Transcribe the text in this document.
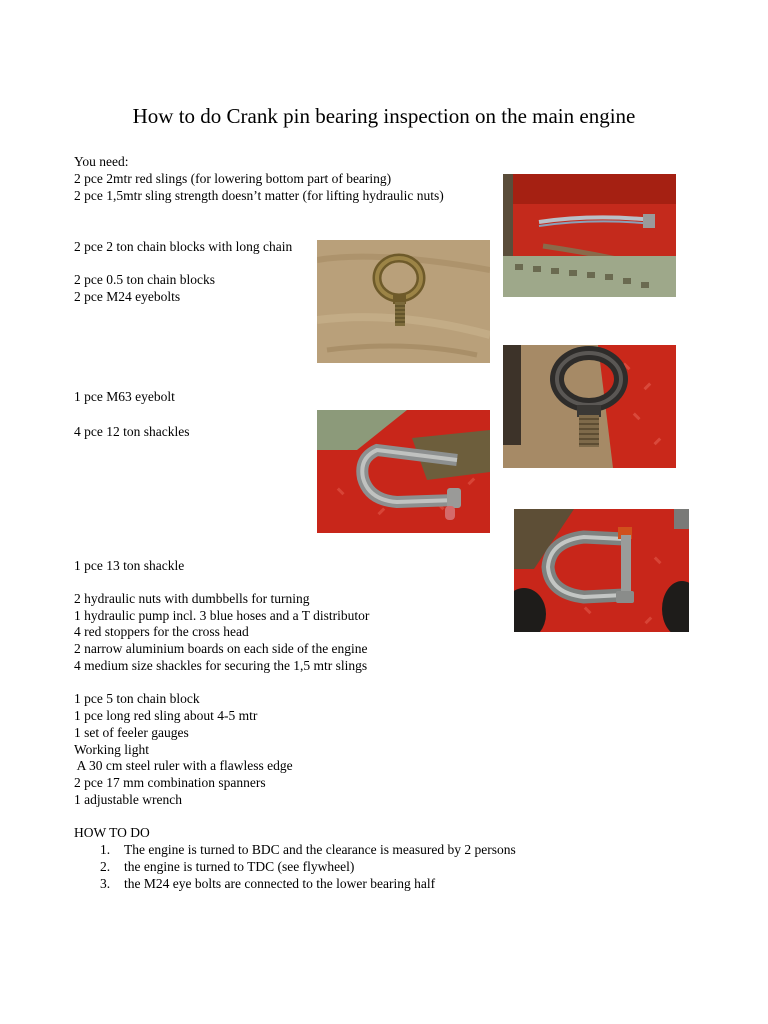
How to do Crank pin bearing inspection on the main engine
You need:
2 pce 2mtr red slings (for lowering bottom part of bearing)
2 pce 1,5mtr sling strength doesn’t matter (for lifting hydraulic nuts)
2 pce 2 ton chain blocks with long chain
2 pce 0.5 ton chain blocks
2 pce M24 eyebolts
1 pce M63 eyebolt
4 pce 12 ton shackles
1 pce 13 ton shackle
2 hydraulic nuts with dumbbells for turning
1 hydraulic pump incl. 3 blue hoses and a T distributor
4 red stoppers for the cross head
2 narrow aluminium boards on each side of the engine
4 medium size shackles for securing the 1,5 mtr slings
1 pce 5 ton chain block
1 pce long red sling about 4-5 mtr
1 set of feeler gauges
Working light
A 30 cm steel ruler with a flawless edge
2 pce 17 mm combination spanners
1 adjustable wrench
HOW TO DO
1. The engine is turned to BDC and the clearance is measured by 2 persons
2. the engine is turned to TDC (see flywheel)
3. the M24 eye bolts are connected to the lower bearing half
